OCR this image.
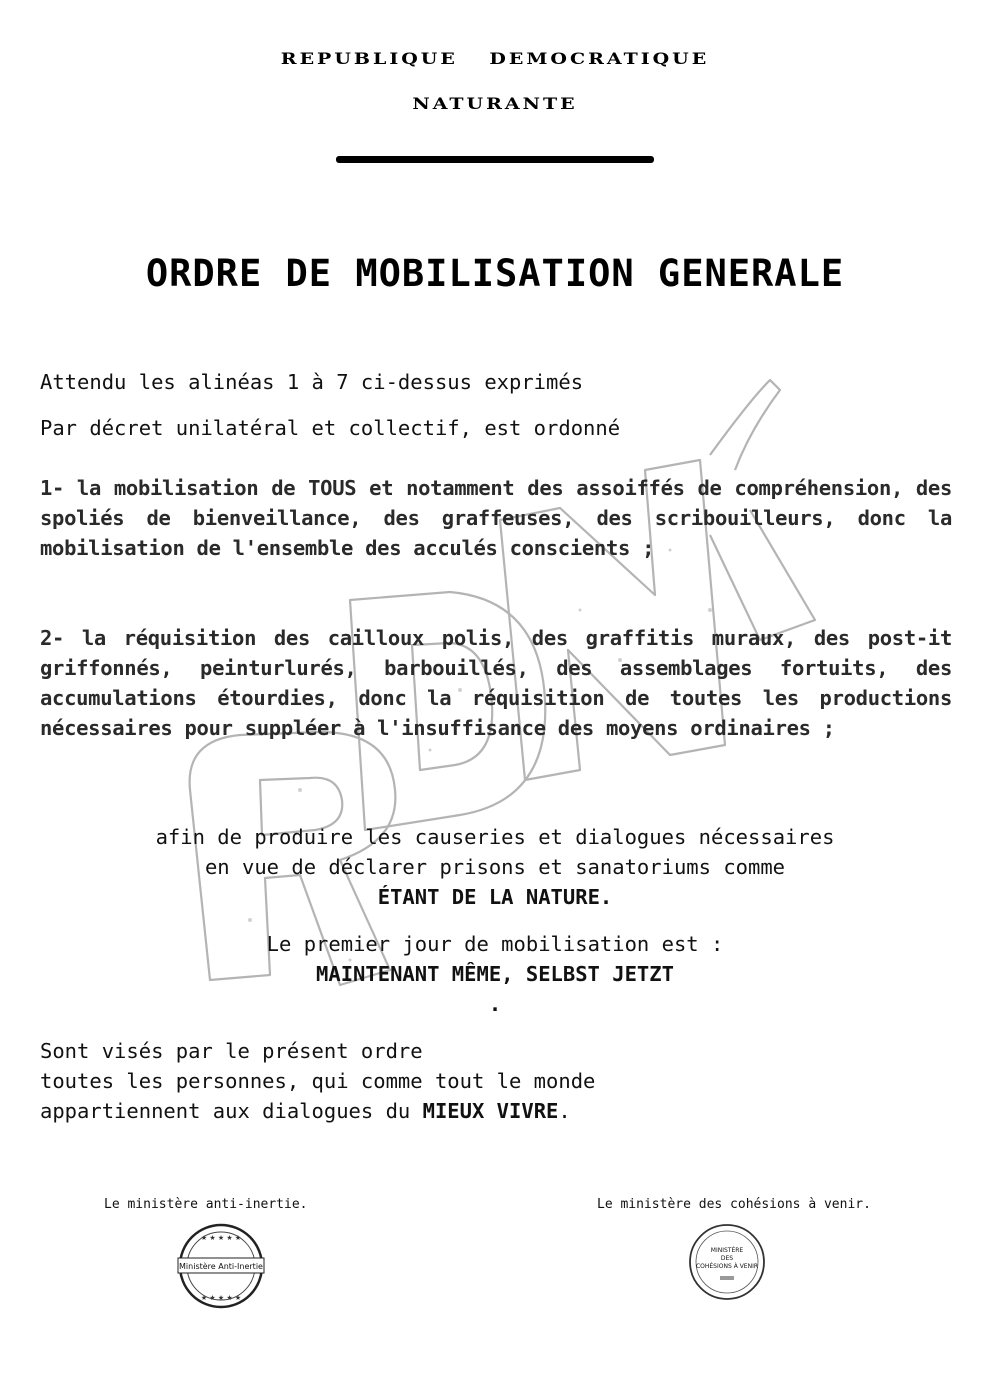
REPUBLIQUE DEMOCRATIQUE
NATURANTE
ORDRE DE MOBILISATION GENERALE
Attendu les alinéas 1 à 7 ci-dessus exprimés
Par décret unilatéral et collectif, est ordonné
1- la mobilisation de TOUS et notamment des assoiffés de compréhension, des spoliés de bienveillance, des graffeuses, des scribouilleurs, donc la mobilisation de l'ensemble des acculés conscients ;
2- la réquisition des cailloux polis, des graffitis muraux, des post-it griffonnés, peinturlurés, barbouillés, des assemblages fortuits, des accumulations étourdies, donc la réquisition de toutes les productions nécessaires pour suppléer à l'insuffisance des moyens ordinaires ;
afin de produire les causeries et dialogues nécessaires
en vue de déclarer prisons et sanatoriums comme
ÉTANT DE LA NATURE.
Le premier jour de mobilisation est :
MAINTENANT MÊME, SELBST JETZT
.
Sont visés par le présent ordre
toutes les personnes, qui comme tout le monde
appartiennent aux dialogues du MIEUX VIVRE.
Le ministère anti-inertie.	Le ministère des cohésions à venir.
★ ★ ★ ★ ★
★ ★ ★ ★ ★
Ministère Anti-Inertie
MINISTÈRE
DES
COHÉSIONS À VENIR
